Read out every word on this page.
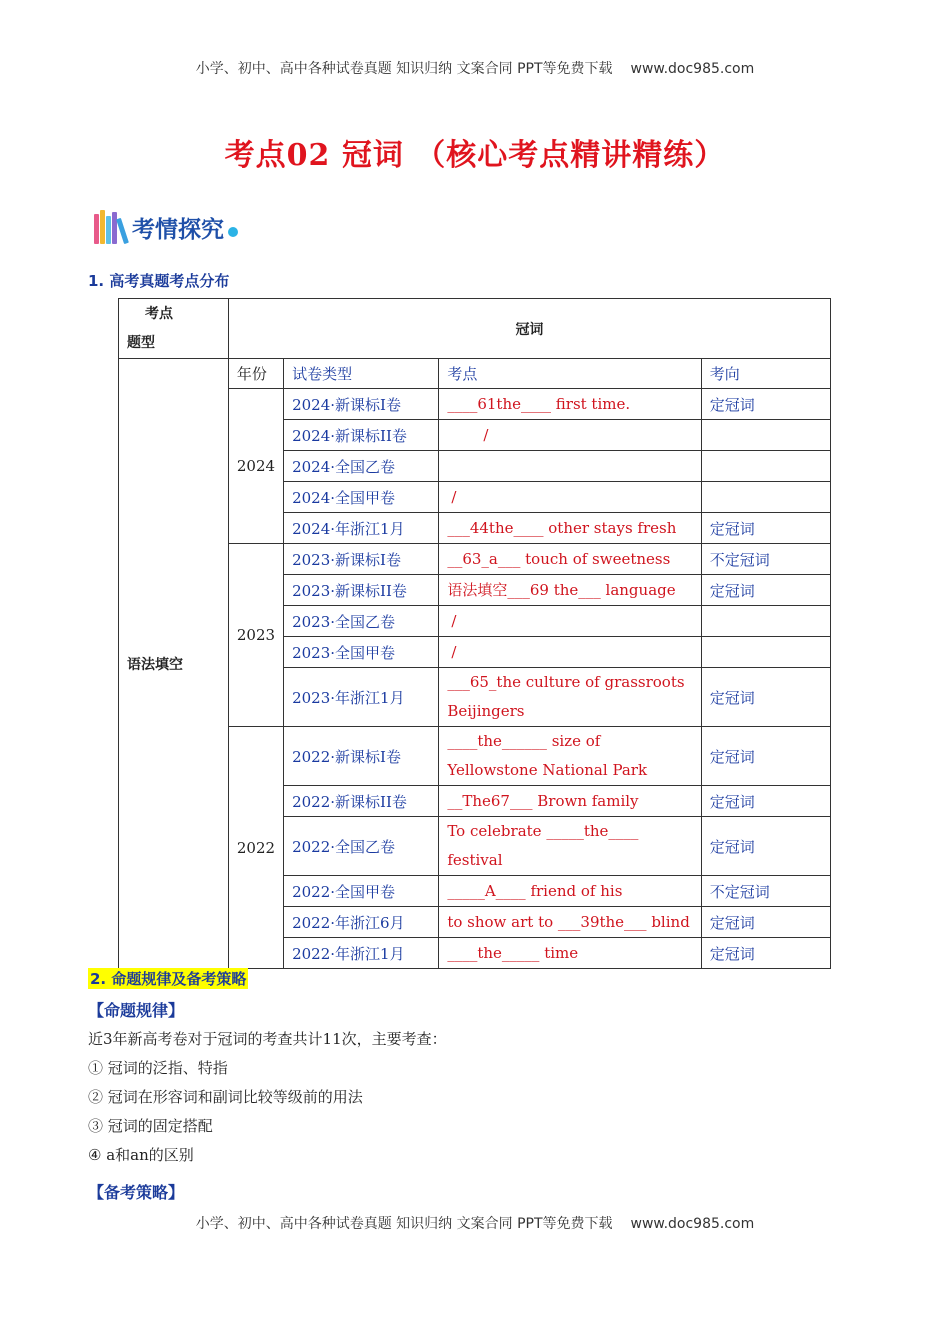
小学、初中、高中各种试卷真题 知识归纳 文案合同 PPT等免费下载 www.doc985.com
考点02 冠词 （核心考点精讲精练）
考情探究
1. 高考真题考点分布
考点
题型	冠词			
语法填空	年份	试卷类型	考点	考向
	2024	2024·新课标I卷	____61the____ first time.	定冠词
		2024·新课标II卷	/	
		2024·全国乙卷		
		2024·全国甲卷	/	
		2024·年浙江1月	___44the____ other stays fresh	定冠词
	2023	2023·新课标I卷	__63_a___ touch of sweetness	不定冠词
		2023·新课标II卷	语法填空___69 the___ language	定冠词
		2023·全国乙卷	/	
		2023·全国甲卷	/	
		2023·年浙江1月	___65_the culture of grassroots Beijingers	定冠词
	2022	2022·新课标I卷	____the______ size of Yellowstone National Park	定冠词
		2022·新课标II卷	__The67___ Brown family	定冠词
		2022·全国乙卷	To celebrate _____the____ festival	定冠词
		2022·全国甲卷	_____A____ friend of his	不定冠词
		2022·年浙江6月	to show art to ___39the___ blind	定冠词
		2022·年浙江1月	____the_____ time	定冠词
2. 命题规律及备考策略
【命题规律】
近3年新高考卷对于冠词的考查共计11次，主要考查：
① 冠词的泛指、特指
② 冠词在形容词和副词比较等级前的用法
③ 冠词的固定搭配
④ a和an的区别
【备考策略】
小学、初中、高中各种试卷真题 知识归纳 文案合同 PPT等免费下载 www.doc985.com
